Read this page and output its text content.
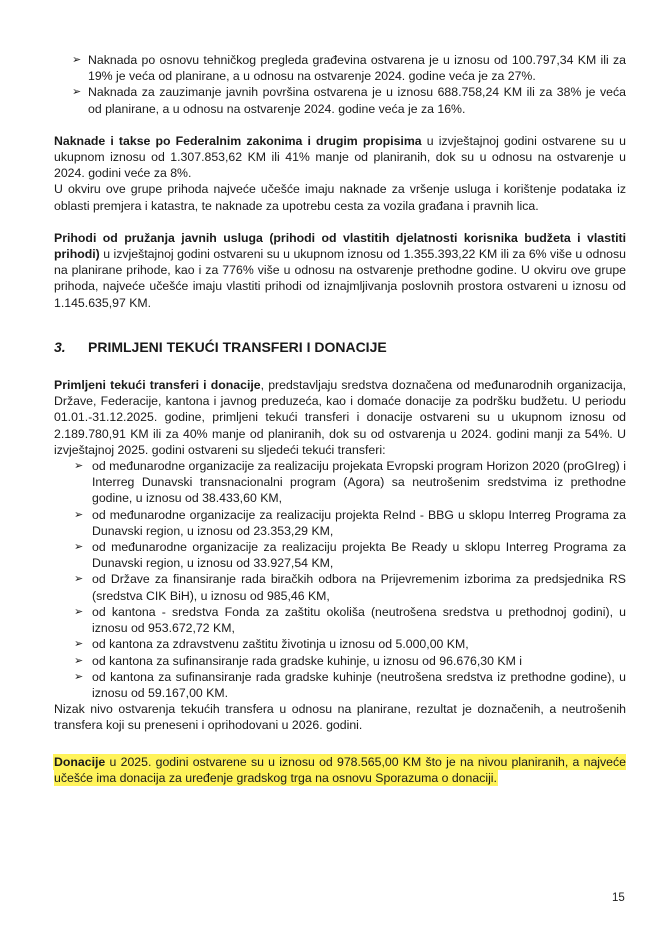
➢ Naknada po osnovu tehničkog pregleda građevina ostvarena je u iznosu od 100.797,34 KM ili za 19% je veća od planirane, a u odnosu na ostvarenje 2024. godine veća je za 27%.
➢ Naknada za zauzimanje javnih površina ostvarena je u iznosu 688.758,24 KM ili za 38% je veća od planirane, a u odnosu na ostvarenje 2024. godine veća je za 16%.

Naknade i takse po Federalnim zakonima i drugim propisima u izvještajnoj godini ostvarene su u ukupnom iznosu od 1.307.853,62 KM ili 41% manje od planiranih, dok su u odnosu na ostvarenje u 2024. godini veće za 8%.

U okviru ove grupe prihoda najveće učešće imaju naknade za vršenje usluga i korištenje podataka iz oblasti premjera i katastra, te naknade za upotrebu cesta za vozila građana i pravnih lica.

Prihodi od pružanja javnih usluga (prihodi od vlastitih djelatnosti korisnika budžeta i vlastiti prihodi) u izvještajnoj godini ostvareni su u ukupnom iznosu od 1.355.393,22 KM ili za 6% više u odnosu na planirane prihode, kao i za 776% više u odnosu na ostvarenje prethodne godine. U okviru ove grupe prihoda, najveće učešće imaju vlastiti prihodi od iznajmljivanja poslovnih prostora ostvareni u iznosu od 1.145.635,97 KM.

3.	PRIMLJENI TEKUĆI TRANSFERI I DONACIJE

Primljeni tekući transferi i donacije, predstavljaju sredstva doznačena od međunarodnih organizacija, Države, Federacije, kantona i javnog preduzeća, kao i domaće donacije za podršku budžetu. U periodu 01.01.-31.12.2025. godine, primljeni tekući transferi i donacije ostvareni su u ukupnom iznosu od 2.189.780,91 KM ili za 40% manje od planiranih, dok su od ostvarenja u 2024. godini manji za 54%. U izvještajnoj 2025. godini ostvareni su sljedeći tekući transferi:

➢ od međunarodne organizacije za realizaciju projekata Evropski program Horizon 2020 (proGIreg) i Interreg Dunavski transnacionalni program (Agora) sa neutrošenim sredstvima iz prethodne godine, u iznosu od 38.433,60 KM,
➢ od međunarodne organizacije za realizaciju projekta ReInd - BBG u sklopu Interreg Programa za Dunavski region, u iznosu od 23.353,29 KM,
➢ od međunarodne organizacije za realizaciju projekta Be Ready u sklopu Interreg Programa za Dunavski region, u iznosu od 33.927,54 KM,
➢ od Države za finansiranje rada biračkih odbora na Prijevremenim izborima za predsjednika RS (sredstva CIK BiH), u iznosu od 985,46 KM,
➢ od kantona - sredstva Fonda za zaštitu okoliša (neutrošena sredstva u prethodnoj godini), u iznosu od 953.672,72 KM,
➢ od kantona za zdravstvenu zaštitu životinja u iznosu od 5.000,00 KM,
➢ od kantona za sufinansiranje rada gradske kuhinje, u iznosu od 96.676,30 KM i
➢ od kantona za sufinansiranje rada gradske kuhinje (neutrošena sredstva iz prethodne godine), u iznosu od 59.167,00 KM.

Nizak nivo ostvarenja tekućih transfera u odnosu na planirane, rezultat je doznačenih, a neutrošenih transfera koji su preneseni i oprihodovani u 2026. godini.

Donacije u 2025. godini ostvarene su u iznosu od 978.565,00 KM što je na nivou planiranih, a najveće učešće ima donacija za uređenje gradskog trga na osnovu Sporazuma o donaciji.

15
